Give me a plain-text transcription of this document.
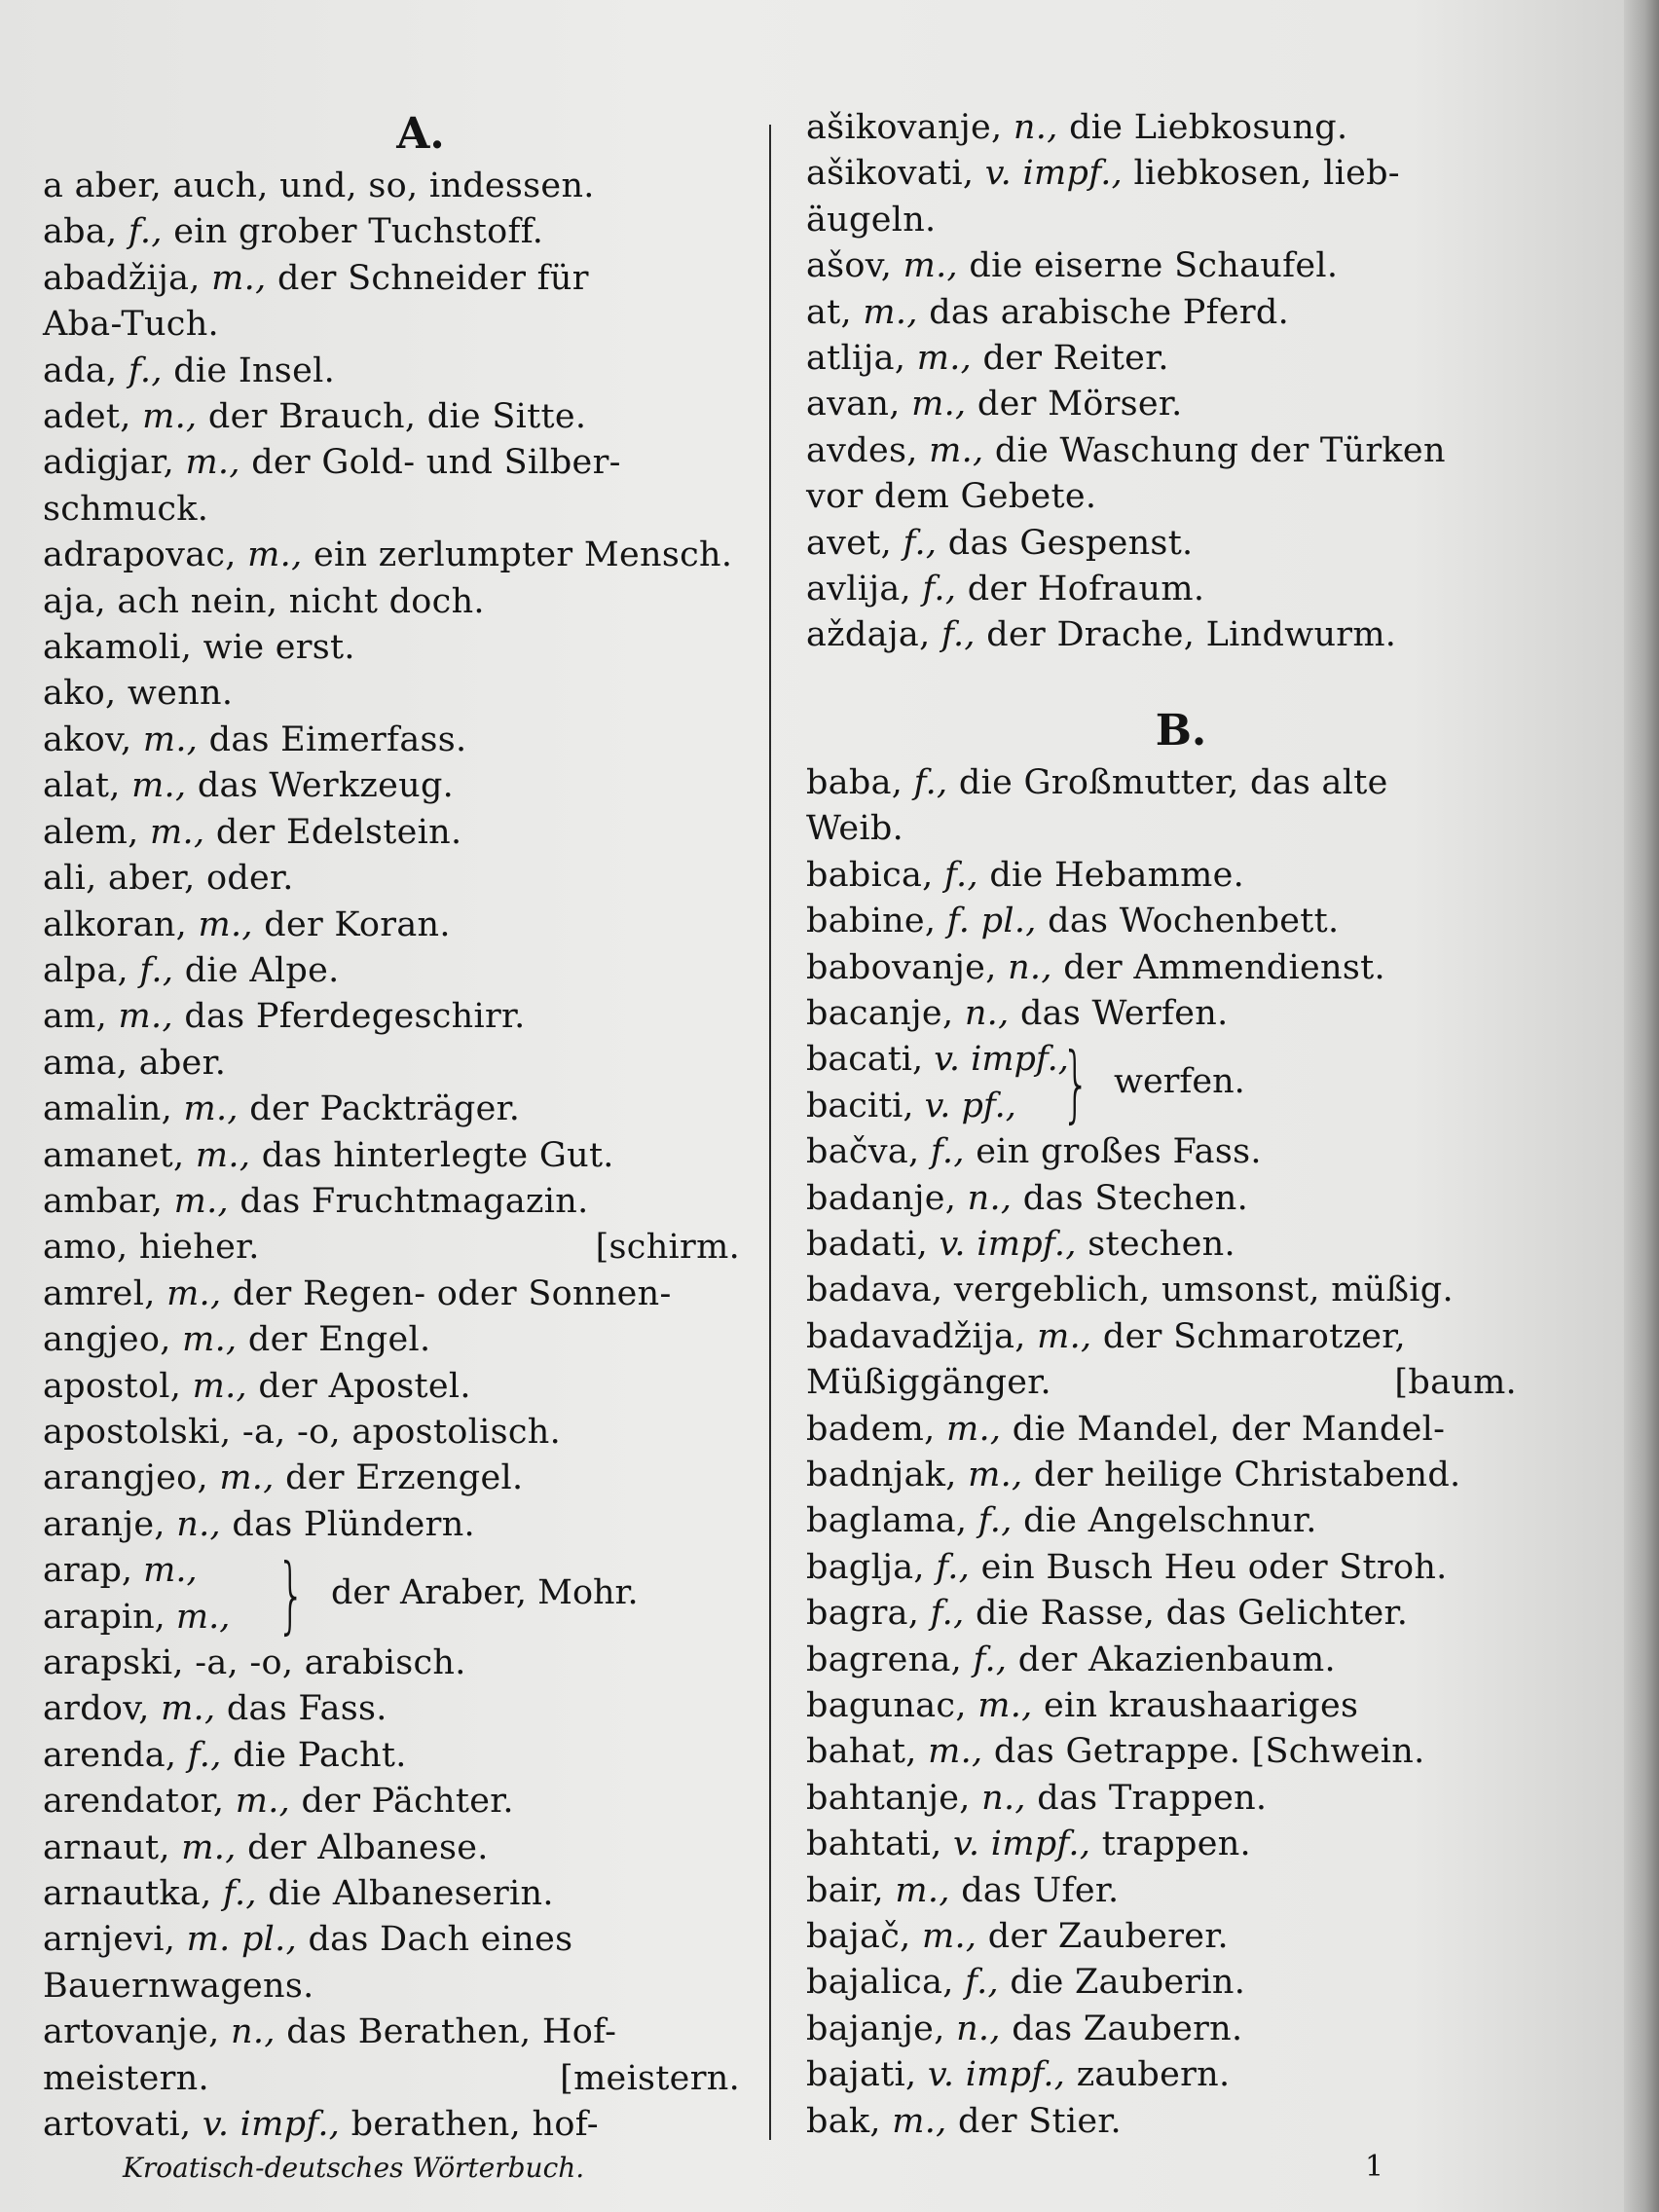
A.
a aber, auch, und, so, indessen.
aba, f., ein grober Tuchstoff.
abadžija, m., der Schneider für
Aba-Tuch.
ada, f., die Insel.
adet, m., der Brauch, die Sitte.
adigjar, m., der Gold- und Silber-
schmuck.
adrapovac, m., ein zerlumpter Mensch.
aja, ach nein, nicht doch.
akamoli, wie erst.
ako, wenn.
akov, m., das Eimerfass.
alat, m., das Werkzeug.
alem, m., der Edelstein.
ali, aber, oder.
alkoran, m., der Koran.
alpa, f., die Alpe.
am, m., das Pferdegeschirr.
ama, aber.
amalin, m., der Packträger.
amanet, m., das hinterlegte Gut.
ambar, m., das Fruchtmagazin.
amo, hieher.	[schirm.
amrel, m., der Regen- oder Sonnen-
angjeo, m., der Engel.
apostol, m., der Apostel.
apostolski, -a, -o, apostolisch.
arangjeo, m., der Erzengel.
aranje, n., das Plündern.
arap, m.,
arapin, m., } der Araber, Mohr.
arapski, -a, -o, arabisch.
ardov, m., das Fass.
arenda, f., die Pacht.
arendator, m., der Pächter.
arnaut, m., der Albanese.
arnautka, f., die Albaneserin.
arnjevi, m. pl., das Dach eines
Bauernwagens.
artovanje, n., das Berathen, Hof-
meistern.	[meistern.
artovati, v. impf., berathen, hof-
ašikovanje, n., die Liebkosung.
ašikovati, v. impf., liebkosen, lieb-
äugeln.
ašov, m., die eiserne Schaufel.
at, m., das arabische Pferd.
atlija, m., der Reiter.
avan, m., der Mörser.
avdes, m., die Waschung der Türken
vor dem Gebete.
avet, f., das Gespenst.
avlija, f., der Hofraum.
aždaja, f., der Drache, Lindwurm.
B.
baba, f., die Großmutter, das alte
Weib.
babica, f., die Hebamme.
babine, f. pl., das Wochenbett.
babovanje, n., der Ammendienst.
bacanje, n., das Werfen.
bacati, v. impf.,
baciti, v. pf., } werfen.
bačva, f., ein großes Fass.
badanje, n., das Stechen.
badati, v. impf., stechen.
badava, vergeblich, umsonst, müßig.
badavadžija, m., der Schmarotzer,
Müßiggänger.	[baum.
badem, m., die Mandel, der Mandel-
badnjak, m., der heilige Christabend.
baglama, f., die Angelschnur.
baglja, f., ein Busch Heu oder Stroh.
bagra, f., die Rasse, das Gelichter.
bagrena, f., der Akazienbaum.
bagunac, m., ein kraushaariges
bahat, m., das Getrappe. [Schwein.
bahtanje, n., das Trappen.
bahtati, v. impf., trappen.
bair, m., das Ufer.
bajač, m., der Zauberer.
bajalica, f., die Zauberin.
bajanje, n., das Zaubern.
bajati, v. impf., zaubern.
bak, m., der Stier.
Kroatisch-deutsches Wörterbuch.	1
